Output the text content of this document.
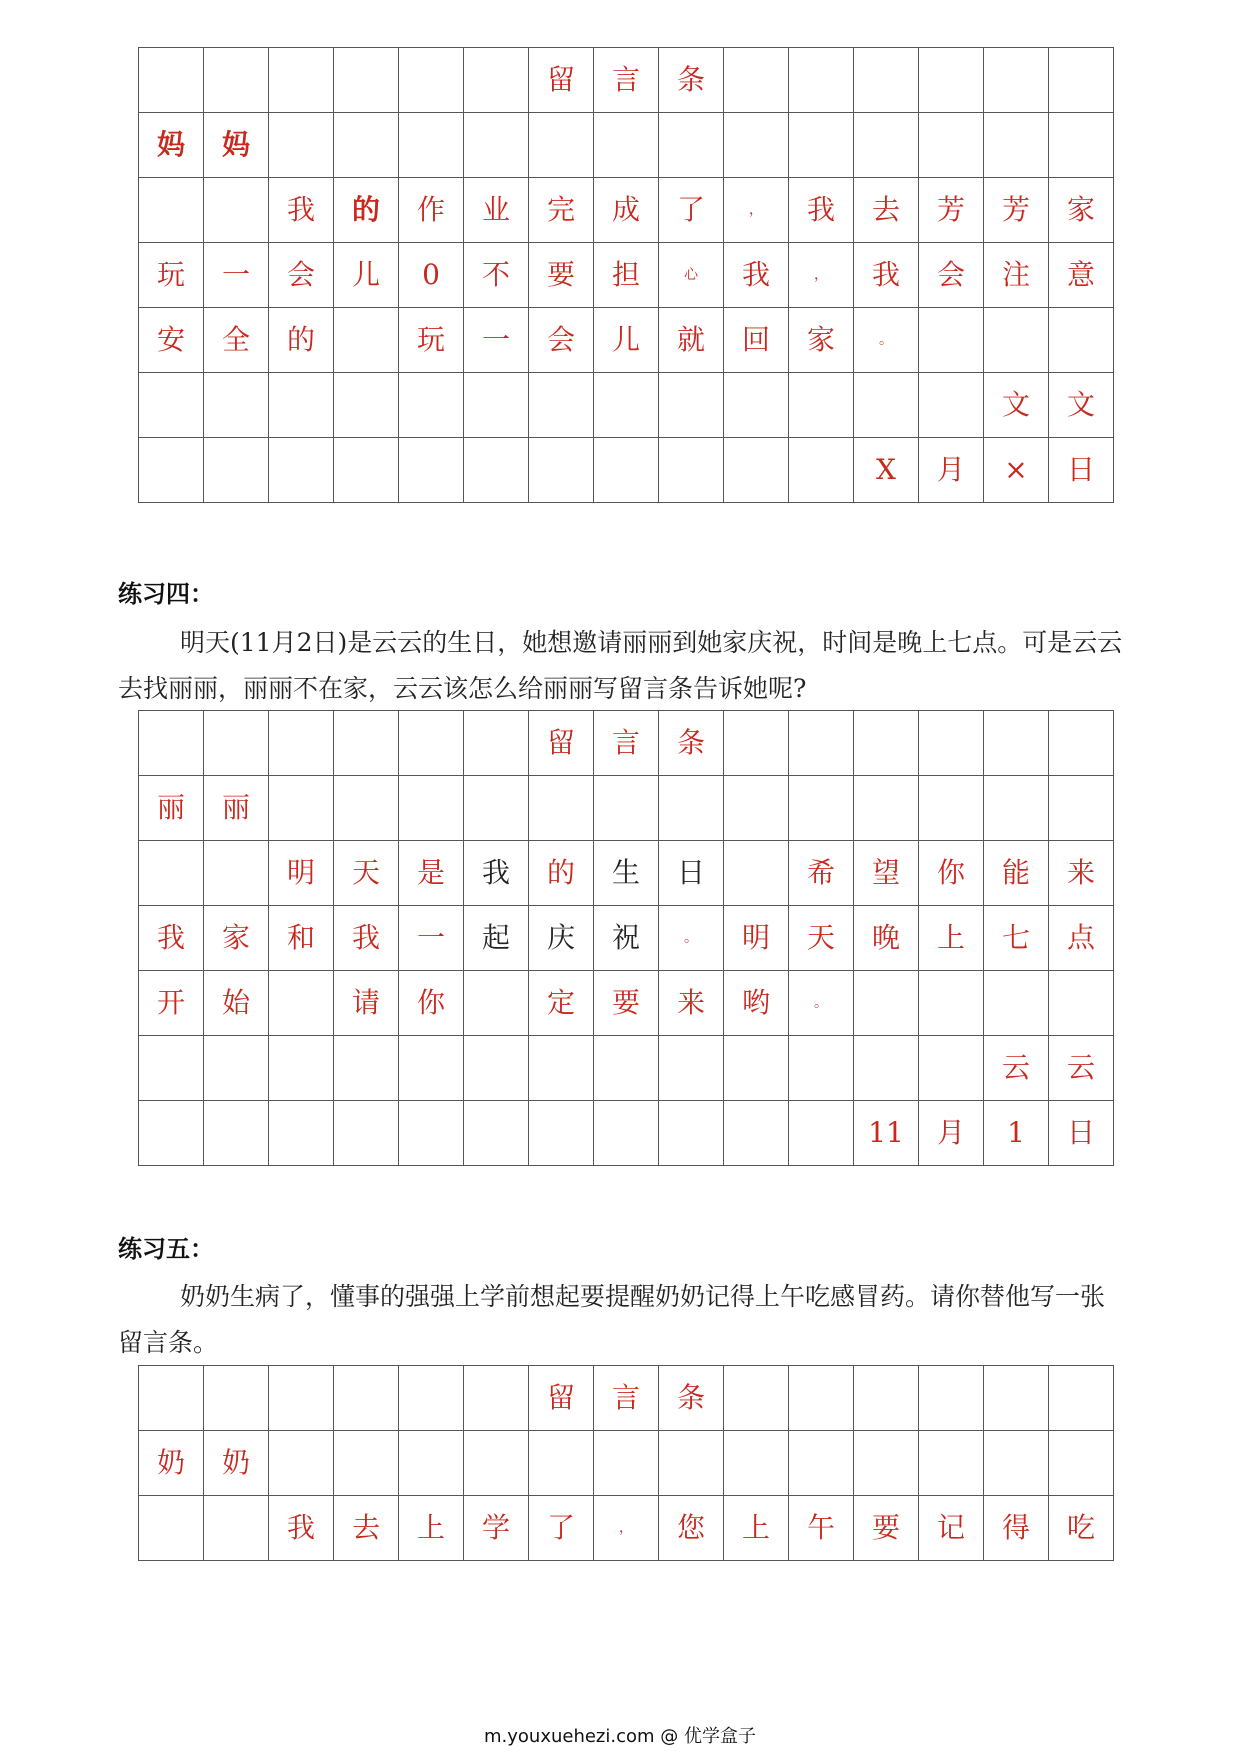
						留	言	条						
妈	妈													
		我	的	作	业	完	成	了	，	我	去	芳	芳	家
玩	一	会	儿	0	不	要	担	心	我	，	我	会	注	意
安	全	的		玩	一	会	儿	就	回	家	。			
													文	文
											X	月	×	日
练习四：

明天(11月2日)是云云的生日，她想邀请丽丽到她家庆祝，时间是晚上七点。可是云云去找丽丽，丽丽不在家，云云该怎么给丽丽写留言条告诉她呢?

						留	言	条						
丽	丽													
		明	天	是	我	的	生	日		希	望	你	能	来
我	家	和	我	一	起	庆	祝	。	明	天	晚	上	七	点
开	始		请	你		定	要	来	哟	。				
													云	云
											11	月	1	日
练习五：

奶奶生病了，懂事的强强上学前想起要提醒奶奶记得上午吃感冒药。请你替他写一张留言条。

						留	言	条						
奶	奶													
		我	去	上	学	了	，	您	上	午	要	记	得	吃
m.youxuehezi.com @ 优学盒子
